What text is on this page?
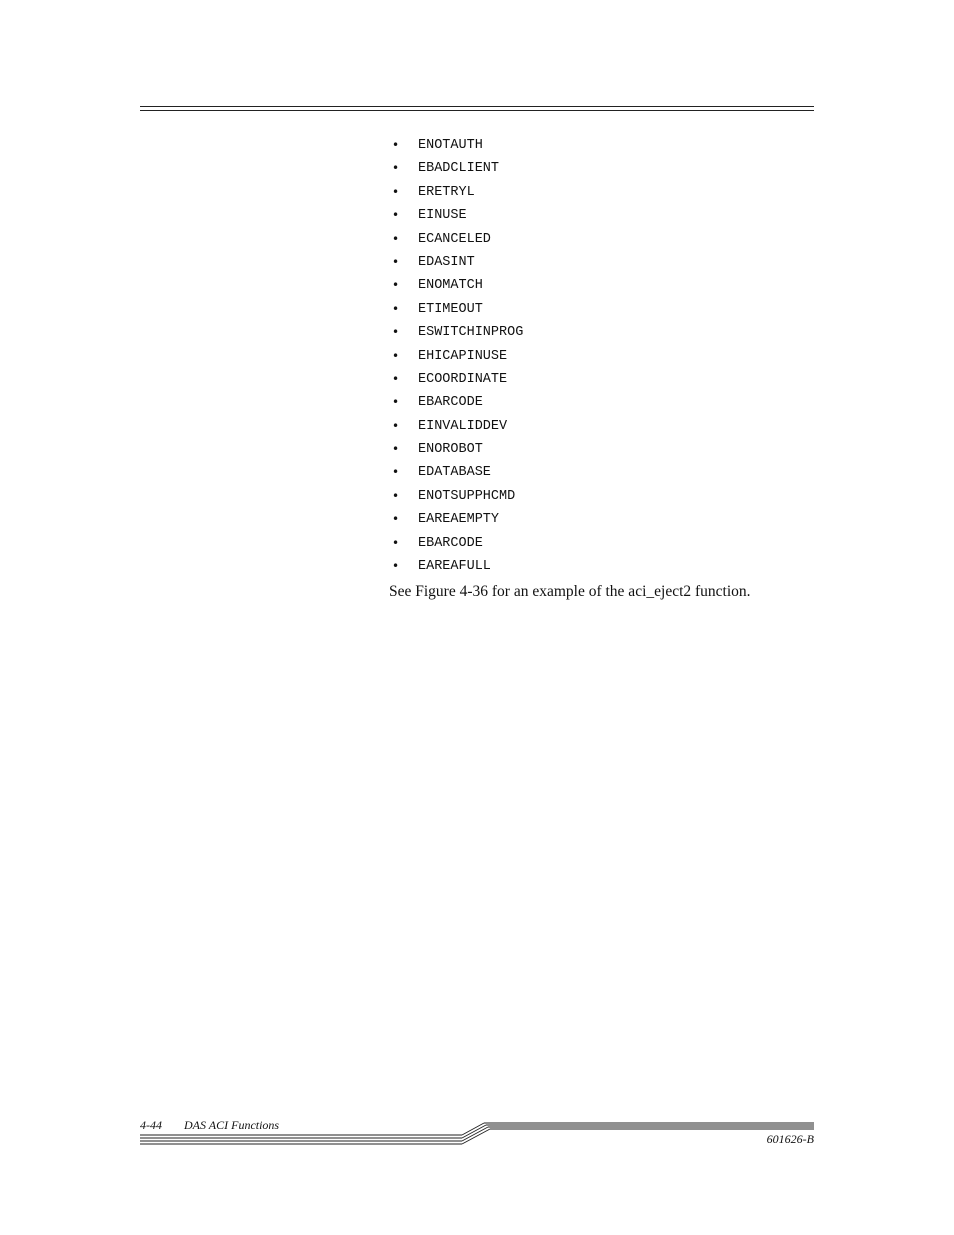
• ENOTAUTH
• EBADCLIENT
• ERETRYL
• EINUSE
• ECANCELED
• EDASINT
• ENOMATCH
• ETIMEOUT
• ESWITCHINPROG
• EHICAPINUSE
• ECOORDINATE
• EBARCODE
• EINVALIDDEV
• ENOROBOT
• EDATABASE
• ENOTSUPPHCMD
• EAREAEMPTY
• EBARCODE
• EAREAFULL

See Figure 4-36 for an example of the aci_eject2 function.

4-44 DAS ACI Functions
601626-B
